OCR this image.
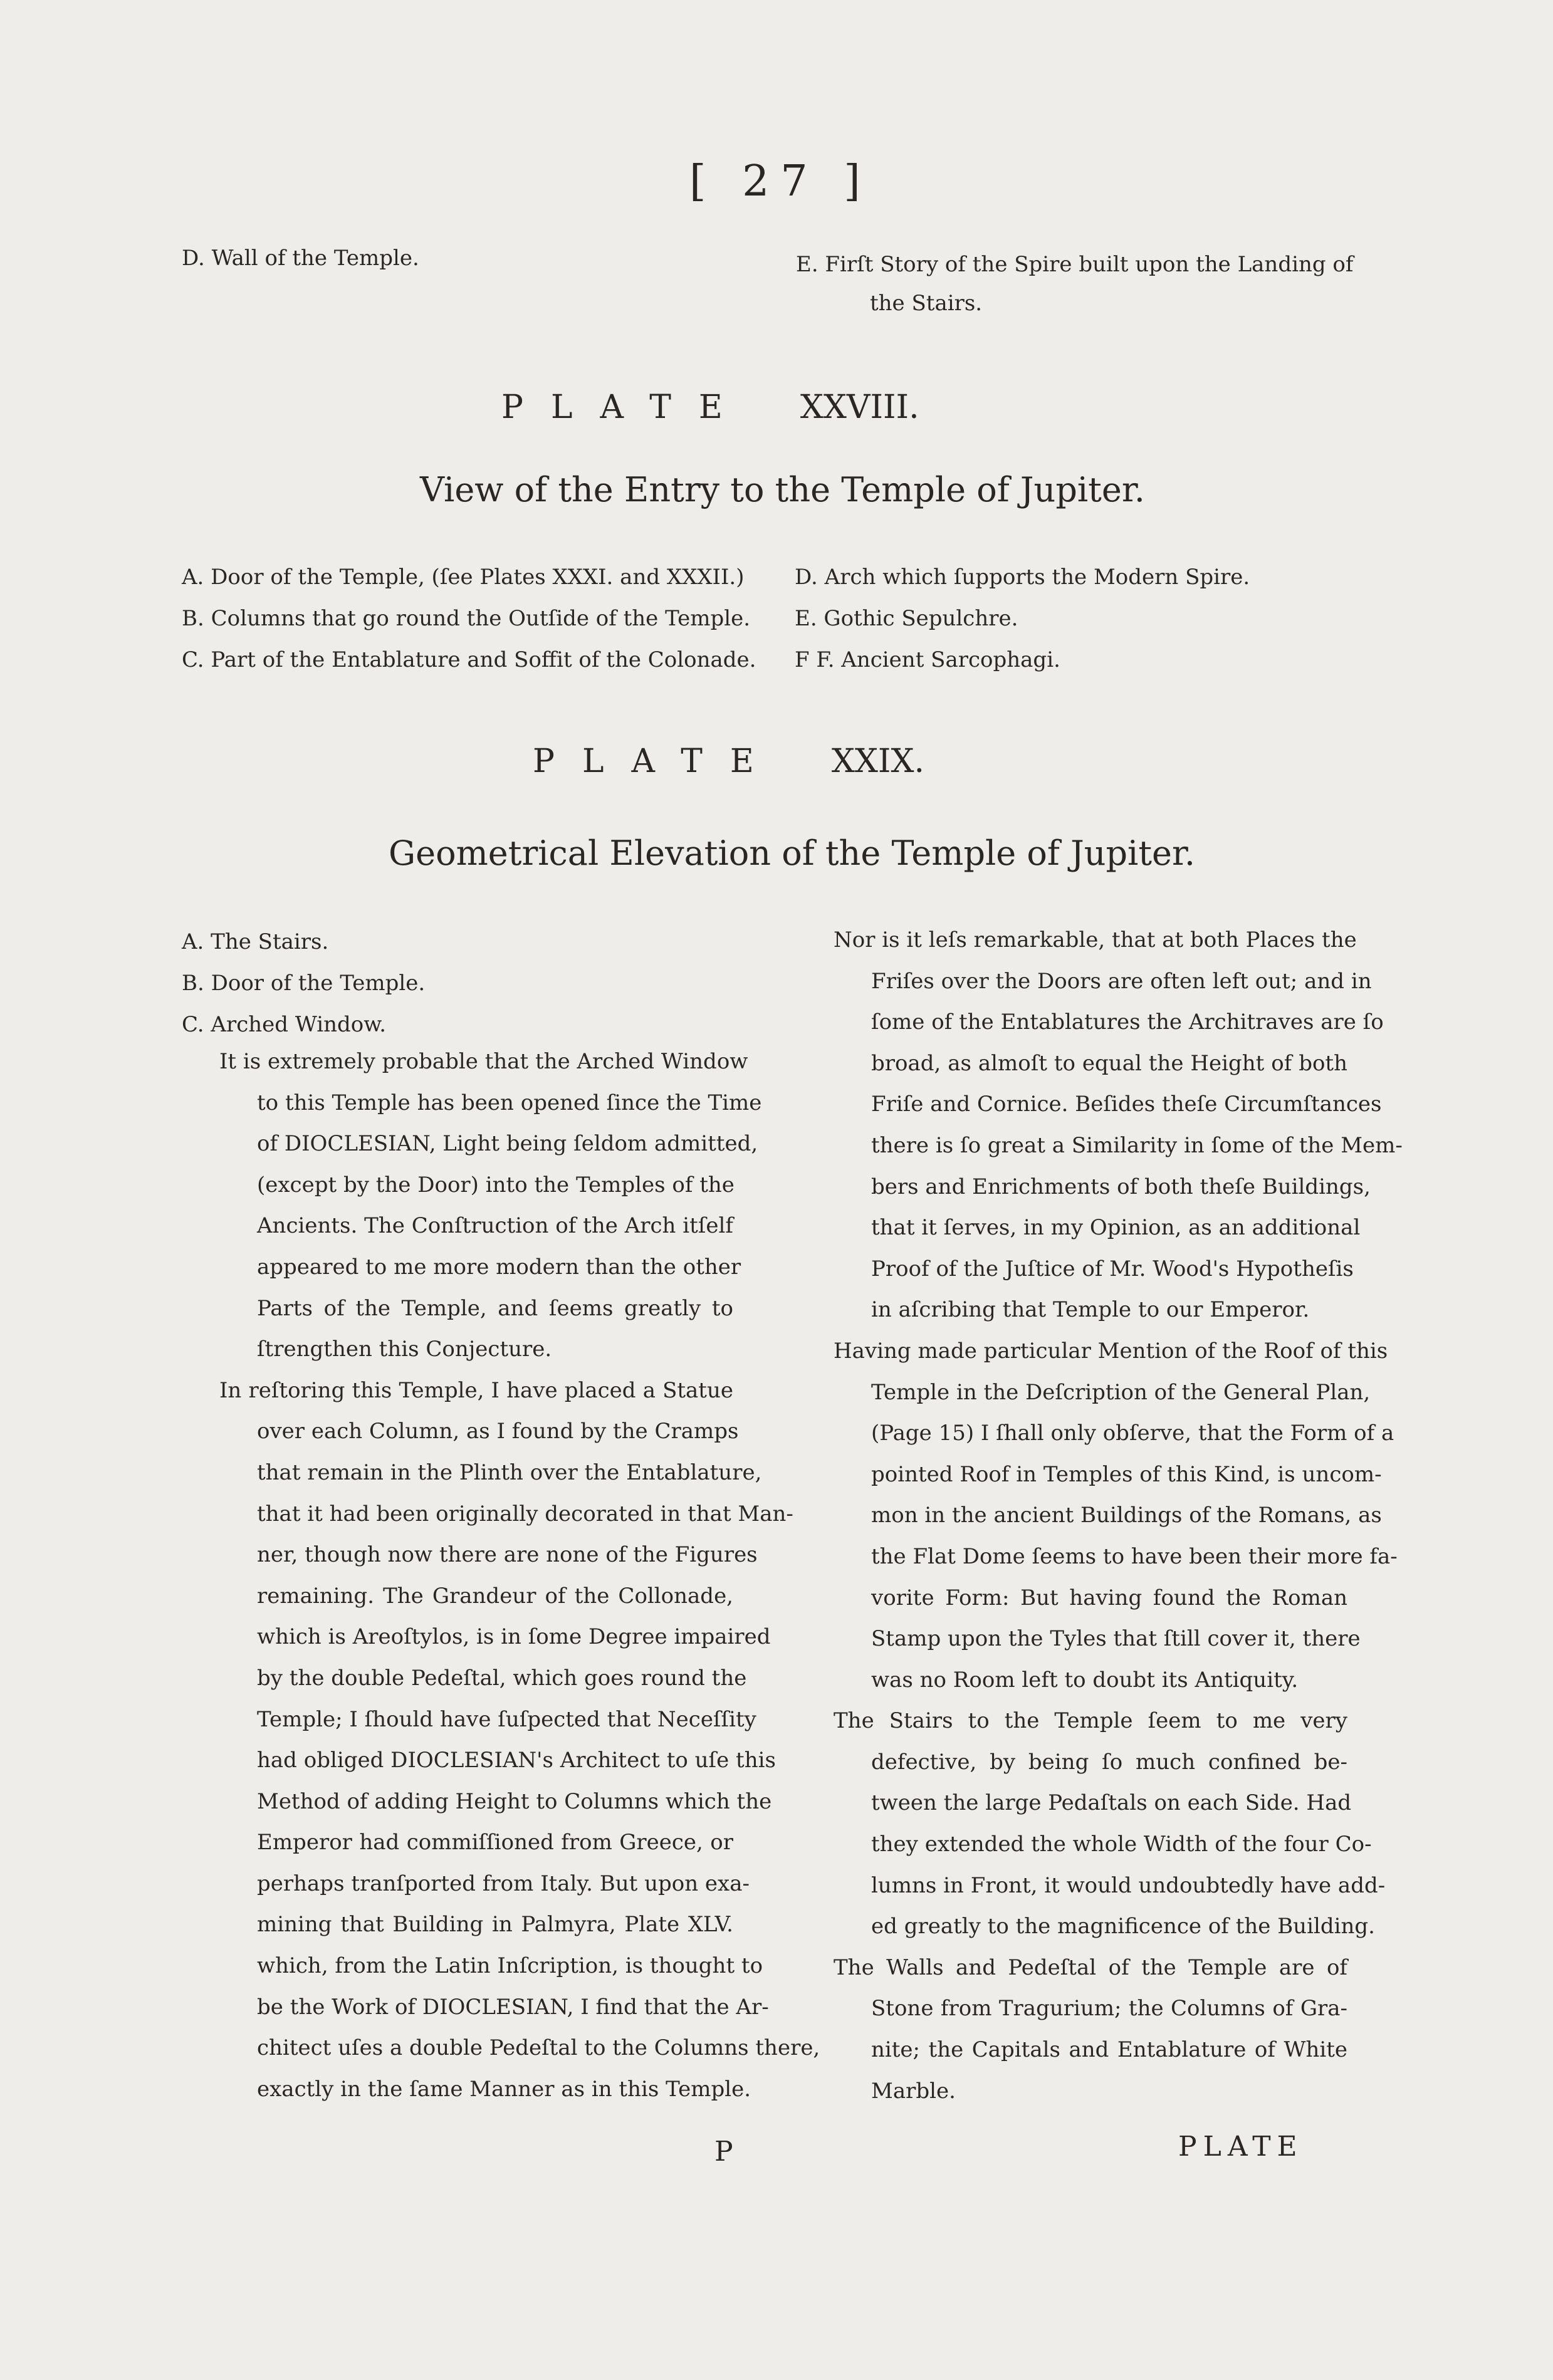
[ 27 ]
D. Wall of the Temple.	E. Firſt Story of the Spire built upon the Landing of
the Stairs.
PLATE XXVIII.
View of the Entry to the Temple of Jupiter.
A. Door of the Temple, (ſee Plates XXXI. and XXXII.)
B. Columns that go round the Outſide of the Temple.
C. Part of the Entablature and Soffit of the Colonade.
D. Arch which ſupports the Modern Spire.
E. Gothic Sepulchre.
F F. Ancient Sarcophagi.
PLATE XXIX.
Geometrical Elevation of the Temple of Jupiter.
A. The Stairs.
B. Door of the Temple.
C. Arched Window.
It is extremely probable that the Arched Window
to this Temple has been opened ſince the Time
of DIOCLESIAN, Light being ſeldom admitted,
(except by the Door) into the Temples of the
Ancients. The Conſtruction of the Arch itſelf
appeared to me more modern than the other
Parts of the Temple, and ſeems greatly to
ſtrengthen this Conjecture.
In reſtoring this Temple, I have placed a Statue
over each Column, as I found by the Cramps
that remain in the Plinth over the Entablature,
that it had been originally decorated in that Man-
ner, though now there are none of the Figures
remaining. The Grandeur of the Collonade,
which is Areoſtylos, is in ſome Degree impaired
by the double Pedeſtal, which goes round the
Temple; I ſhould have ſuſpected that Neceſſity
had obliged DIOCLESIAN's Architect to uſe this
Method of adding Height to Columns which the
Emperor had commiſſioned from Greece, or
perhaps tranſported from Italy. But upon exa-
mining that Building in Palmyra, Plate XLV.
which, from the Latin Inſcription, is thought to
be the Work of DIOCLESIAN, I find that the Ar-
chitect uſes a double Pedeſtal to the Columns there,
exactly in the ſame Manner as in this Temple.
Nor is it leſs remarkable, that at both Places the
Friſes over the Doors are often left out; and in
ſome of the Entablatures the Architraves are ſo
broad, as almoſt to equal the Height of both
Friſe and Cornice. Beſides theſe Circumſtances
there is ſo great a Similarity in ſome of the Mem-
bers and Enrichments of both theſe Buildings,
that it ſerves, in my Opinion, as an additional
Proof of the Juſtice of Mr. Wood's Hypotheſis
in aſcribing that Temple to our Emperor.
Having made particular Mention of the Roof of this
Temple in the Deſcription of the General Plan,
(Page 15) I ſhall only obſerve, that the Form of a
pointed Roof in Temples of this Kind, is uncom-
mon in the ancient Buildings of the Romans, as
the Flat Dome ſeems to have been their more fa-
vorite Form: But having found the Roman
Stamp upon the Tyles that ſtill cover it, there
was no Room left to doubt its Antiquity.
The Stairs to the Temple ſeem to me very
defective, by being ſo much confined be-
tween the large Pedaſtals on each Side. Had
they extended the whole Width of the four Co-
lumns in Front, it would undoubtedly have add-
ed greatly to the magnificence of the Building.
The Walls and Pedeſtal of the Temple are of
Stone from Tragurium; the Columns of Gra-
nite; the Capitals and Entablature of White
Marble.
P	PLATE
